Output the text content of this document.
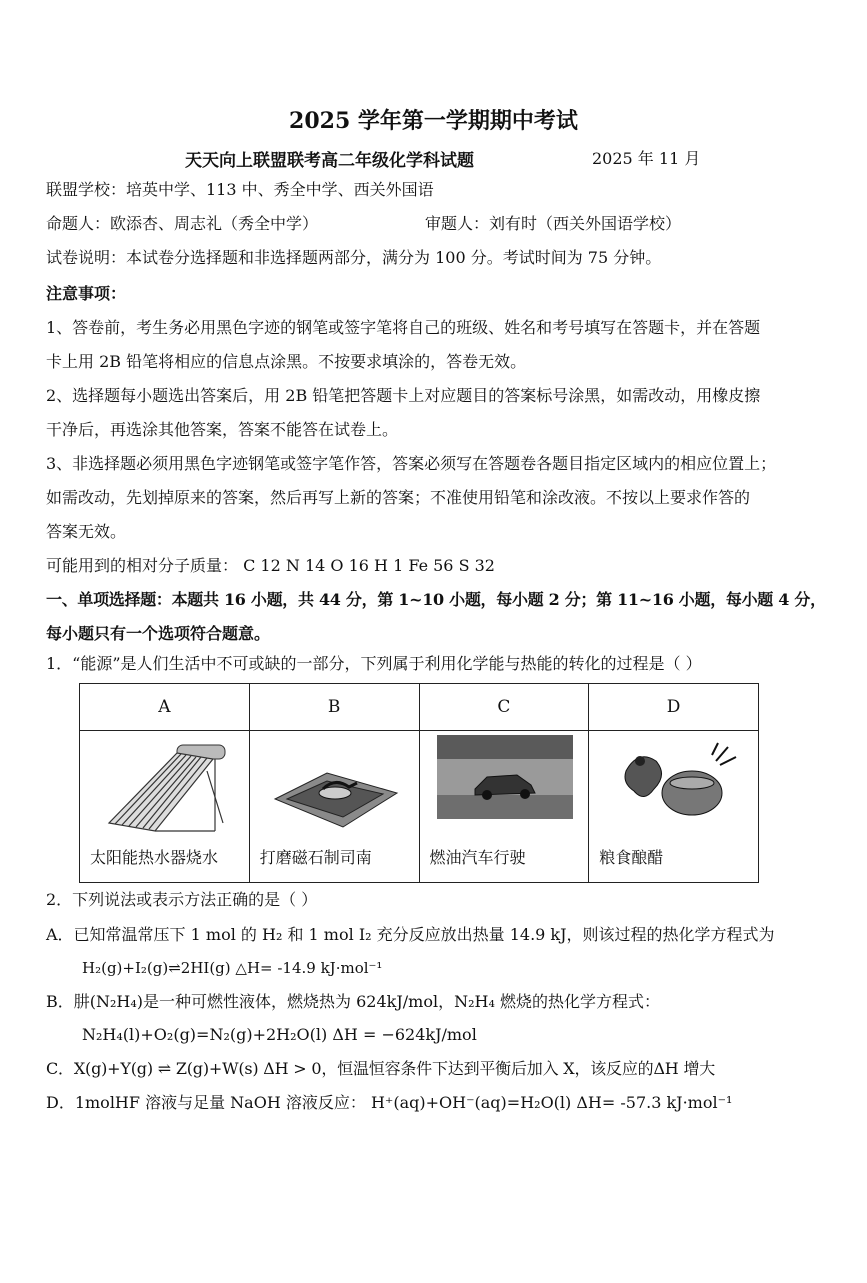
2025 学年第一学期期中考试
天天向上联盟联考高二年级化学科试题	2025 年 11 月
联盟学校：培英中学、113 中、秀全中学、西关外国语
命题人：欧添杏、周志礼（秀全中学）	审题人：刘有时（西关外国语学校）
试卷说明：本试卷分选择题和非选择题两部分，满分为 100 分。考试时间为 75 分钟。
注意事项：
1、答卷前，考生务必用黑色字迹的钢笔或签字笔将自己的班级、姓名和考号填写在答题卡，并在答题
卡上用 2B 铅笔将相应的信息点涂黑。不按要求填涂的，答卷无效。
2、选择题每小题选出答案后，用 2B 铅笔把答题卡上对应题目的答案标号涂黑，如需改动，用橡皮擦
干净后，再选涂其他答案，答案不能答在试卷上。
3、非选择题必须用黑色字迹钢笔或签字笔作答，答案必须写在答题卷各题目指定区域内的相应位置上；
如需改动，先划掉原来的答案，然后再写上新的答案；不准使用铅笔和涂改液。不按以上要求作答的
答案无效。
可能用到的相对分子质量： C 12 N 14 O 16 H 1 Fe 56 S 32
一、单项选择题：本题共 16 小题，共 44 分，第 1~10 小题，每小题 2 分；第 11~16 小题，每小题 4 分，
每小题只有一个选项符合题意。
1．“能源”是人们生活中不可或缺的一部分，下列属于利用化学能与热能的转化的过程是（ ）
A	B	C	D

太阳能热水器烧水	打磨磁石制司南	燃油汽车行驶	粮食酿醋
2．下列说法或表示方法正确的是（ ）
A．已知常温常压下 1 mol 的 H₂ 和 1 mol I₂ 充分反应放出热量 14.9 kJ，则该过程的热化学方程式为
H₂(g)+I₂(g)⇌2HI(g) △H= -14.9 kJ·mol⁻¹
B．肼(N₂H₄)是一种可燃性液体，燃烧热为 624kJ/mol，N₂H₄ 燃烧的热化学方程式：
N₂H₄(l)+O₂(g)=N₂(g)+2H₂O(l) ΔH = −624kJ/mol
C．X(g)+Y(g) ⇌ Z(g)+W(s) ΔH > 0，恒温恒容条件下达到平衡后加入 X，该反应的ΔH 增大
D．1molHF 溶液与足量 NaOH 溶液反应： H⁺(aq)+OH⁻(aq)=H₂O(l) ΔH= -57.3 kJ·mol⁻¹
